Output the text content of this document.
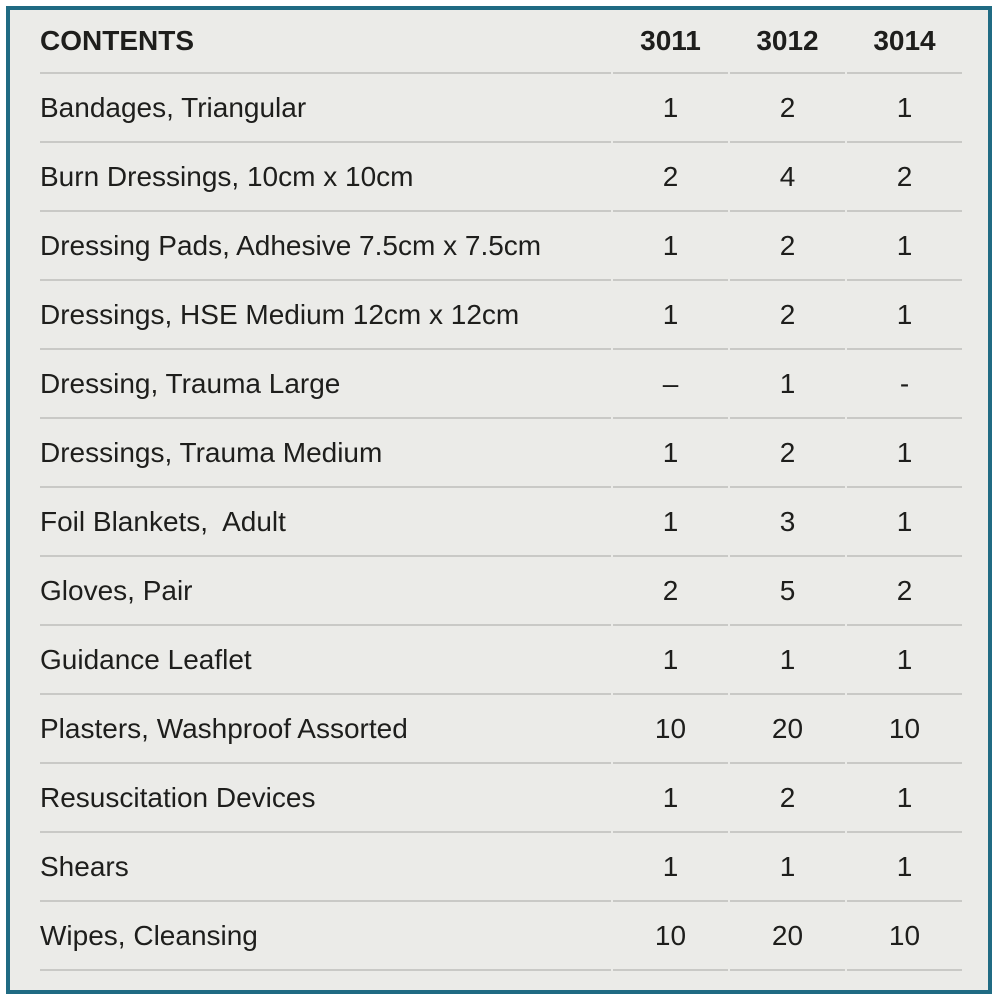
CONTENTS	3011	3012	3014
Bandages, Triangular	1	2	1
Burn Dressings, 10cm x 10cm	2	4	2
Dressing Pads, Adhesive 7.5cm x 7.5cm	1	2	1
Dressings, HSE Medium 12cm x 12cm	1	2	1
Dressing, Trauma Large	–	1	-
Dressings, Trauma Medium	1	2	1
Foil Blankets,  Adult	1	3	1
Gloves, Pair	2	5	2
Guidance Leaflet	1	1	1
Plasters, Washproof Assorted	10	20	10
Resuscitation Devices	1	2	1
Shears	1	1	1
Wipes, Cleansing	10	20	10
